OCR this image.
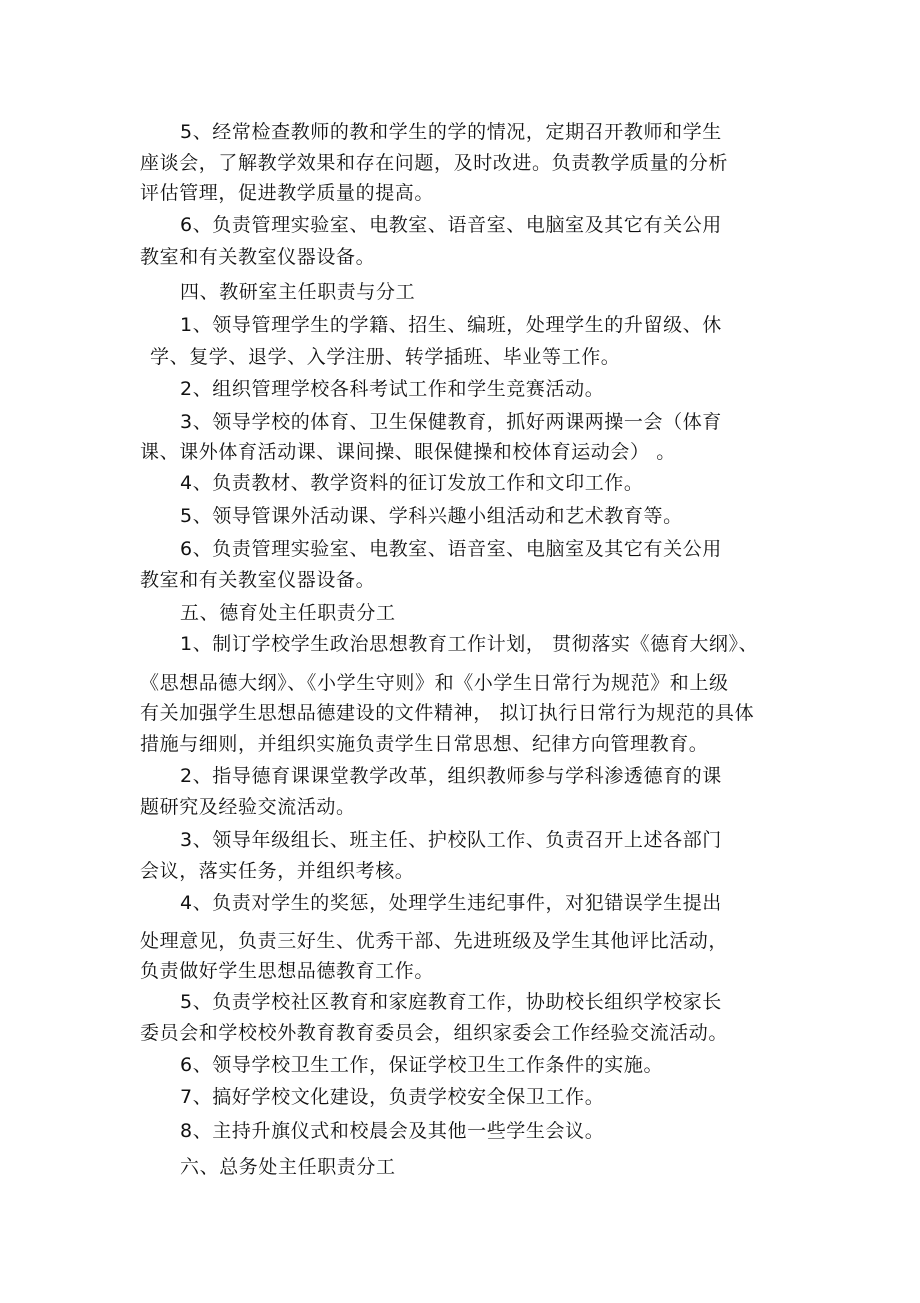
5、经常检查教师的教和学生的学的情况，定期召开教师和学生
座谈会，了解教学效果和存在问题，及时改进。负责教学质量的分析
评估管理，促进教学质量的提高。
6、负责管理实验室、电教室、语音室、电脑室及其它有关公用
教室和有关教室仪器设备。
四、教研室主任职责与分工
1、领导管理学生的学籍、招生、编班，处理学生的升留级、休
学、复学、退学、入学注册、转学插班、毕业等工作。
2、组织管理学校各科考试工作和学生竞赛活动。
3、领导学校的体育、卫生保健教育，抓好两课两操一会（体育
课、课外体育活动课、课间操、眼保健操和校体育运动会） 。
4、负责教材、教学资料的征订发放工作和文印工作。
5、领导管课外活动课、学科兴趣小组活动和艺术教育等。
6、负责管理实验室、电教室、语音室、电脑室及其它有关公用
教室和有关教室仪器设备。
五、德育处主任职责分工
1、制订学校学生政治思想教育工作计划， 贯彻落实《德育大纲》、
《思想品德大纲》、《小学生守则》和《小学生日常行为规范》和上级
有关加强学生思想品德建设的文件精神， 拟订执行日常行为规范的具体
措施与细则，并组织实施负责学生日常思想、纪律方向管理教育。
2、指导德育课课堂教学改革，组织教师参与学科渗透德育的课
题研究及经验交流活动。
3、领导年级组长、班主任、护校队工作、负责召开上述各部门
会议，落实任务，并组织考核。
4、负责对学生的奖惩，处理学生违纪事件，对犯错误学生提出
处理意见，负责三好生、优秀干部、先进班级及学生其他评比活动，
负责做好学生思想品德教育工作。
5、负责学校社区教育和家庭教育工作，协助校长组织学校家长
委员会和学校校外教育教育委员会，组织家委会工作经验交流活动。
6、领导学校卫生工作，保证学校卫生工作条件的实施。
7、搞好学校文化建设，负责学校安全保卫工作。
8、主持升旗仪式和校晨会及其他一些学生会议。
六、总务处主任职责分工
